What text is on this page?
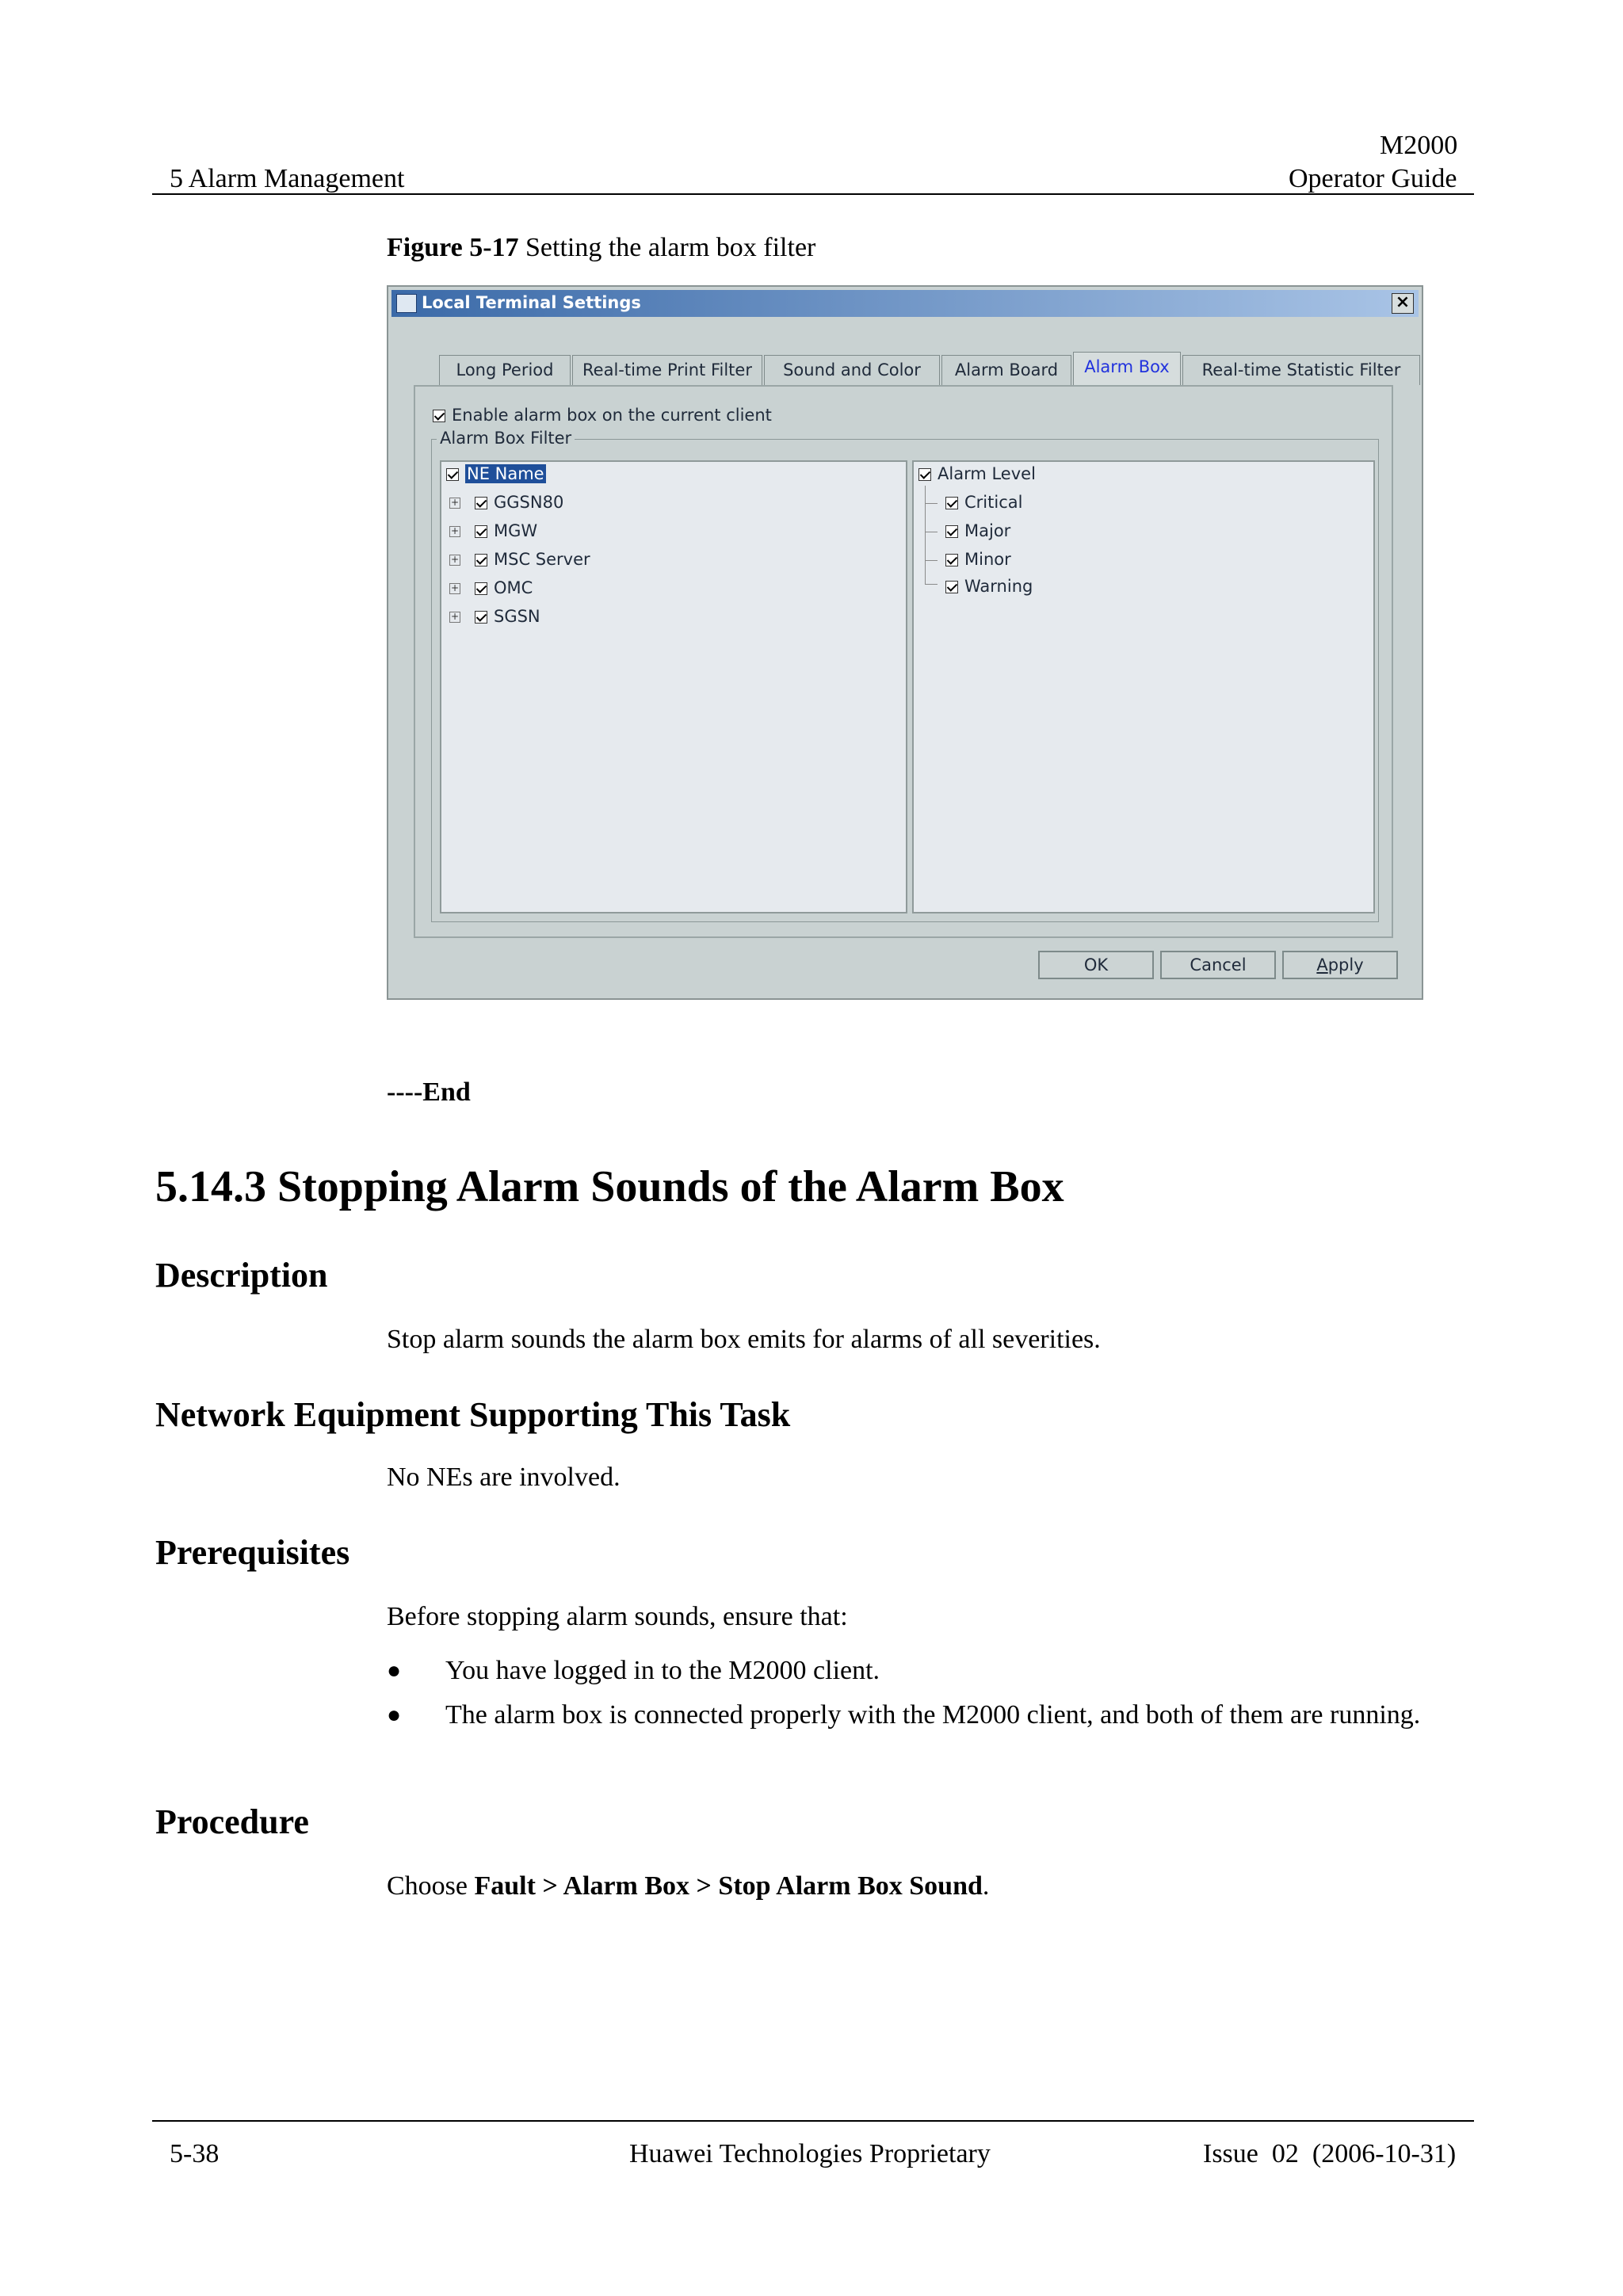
M2000
5 Alarm Management	Operator Guide
Figure 5-17 Setting the alarm box filter
Local Terminal Settings	×
Long Period	Real-time Print Filter	Sound and Color	Alarm Board	Alarm Box	Real-time Statistic Filter
Enable alarm box on the current client
Alarm Box Filter
NE Name
+ GGSN80
+ MGW
+ MSC Server
+ OMC
+ SGSN
Alarm Level
Critical
Major
Minor
Warning
OK	Cancel	Apply
----End
5.14.3 Stopping Alarm Sounds of the Alarm Box
Description
Stop alarm sounds the alarm box emits for alarms of all severities.
Network Equipment Supporting This Task
No NEs are involved.
Prerequisites
Before stopping alarm sounds, ensure that:
● You have logged in to the M2000 client.
● The alarm box is connected properly with the M2000 client, and both of them are running.
Procedure
Choose Fault > Alarm Box > Stop Alarm Box Sound.
5-38	Huawei Technologies Proprietary	Issue  02  (2006-10-31)
